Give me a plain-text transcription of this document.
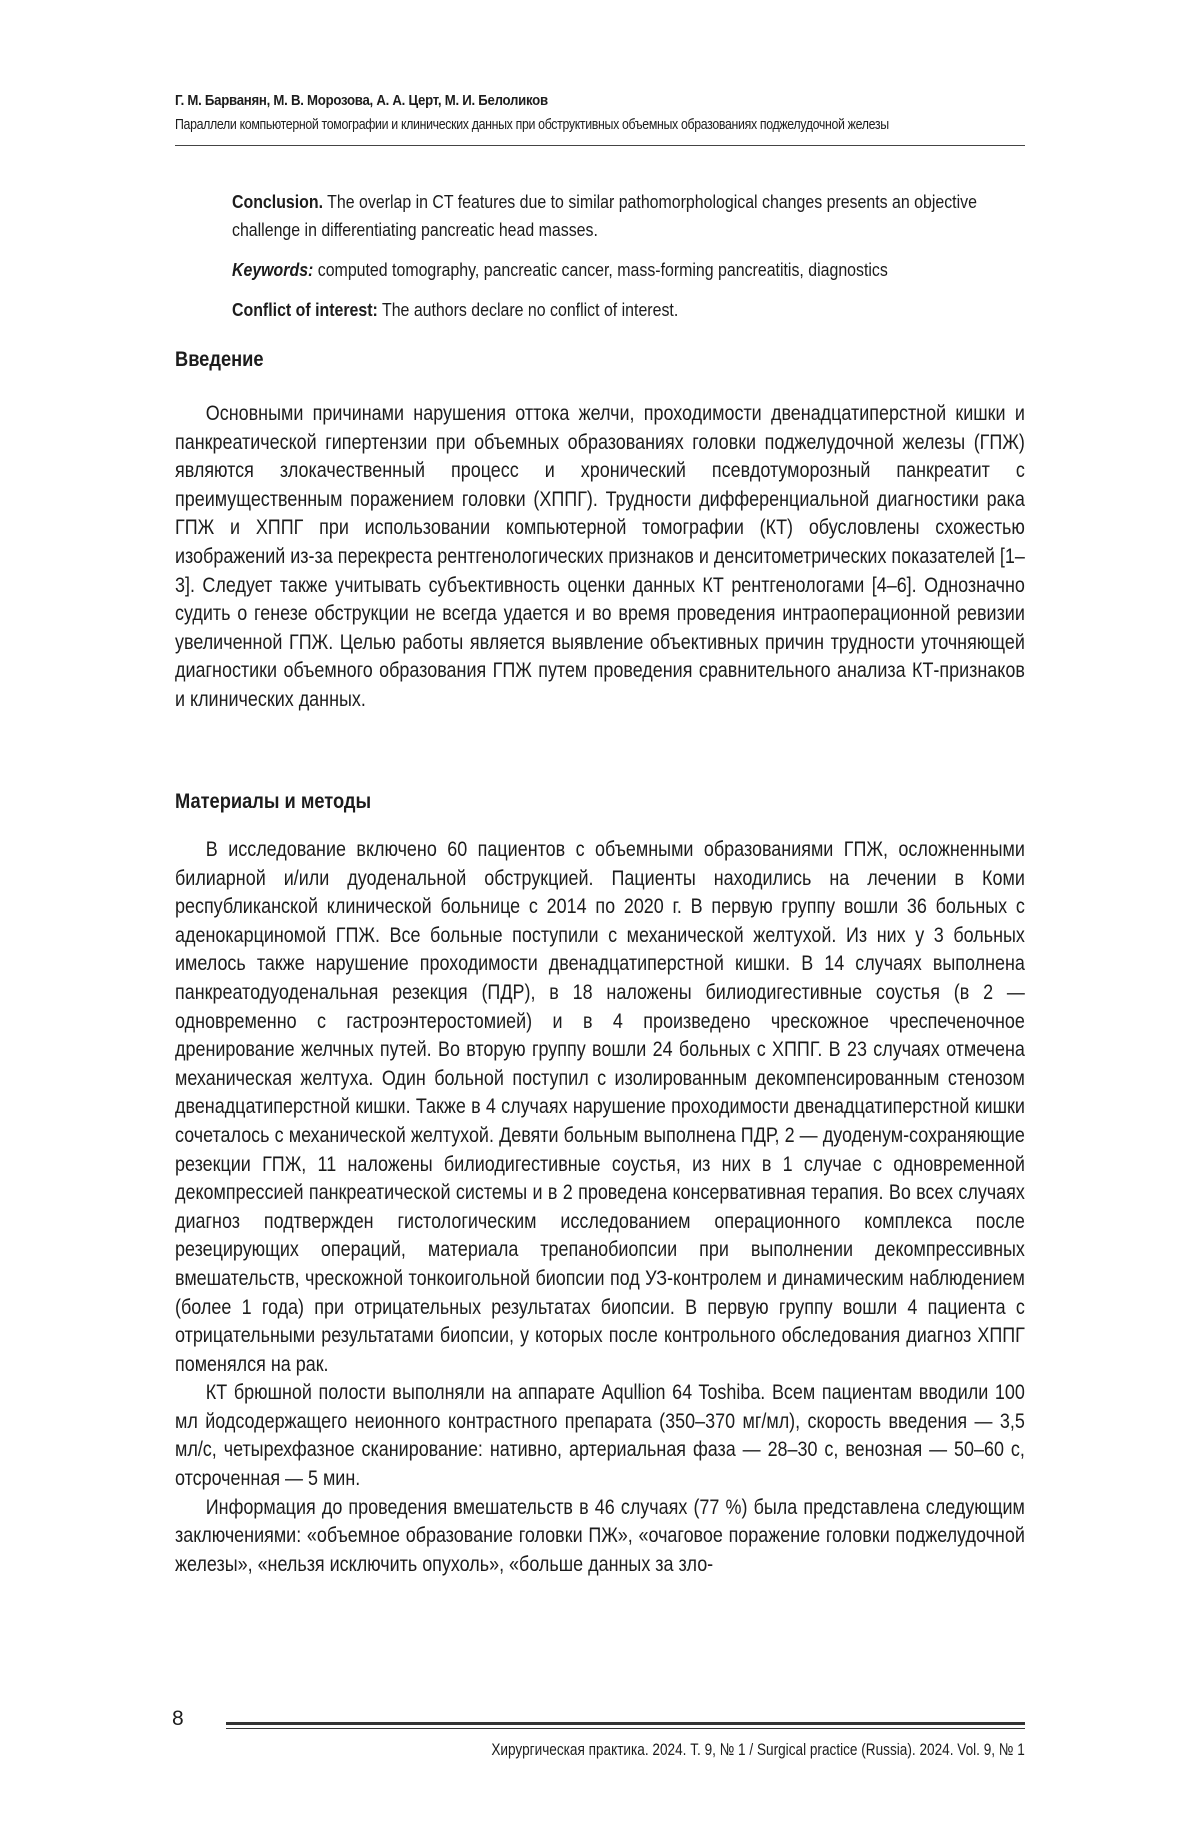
Г. М. Барванян, М. В. Морозова, А. А. Церт, М. И. Белоликов
Параллели компьютерной томографии и клинических данных при обструктивных объемных образованиях поджелудочной железы

Conclusion. The overlap in CT features due to similar pathomorphological changes presents an objective challenge in differentiating pancreatic head masses.

Keywords: computed tomography, pancreatic cancer, mass-forming pancreatitis, diagnostics

Conflict of interest: The authors declare no conflict of interest.

Введение

Основными причинами нарушения оттока желчи, проходимости двенадцатиперстной кишки и панкреатической гипертензии при объемных образованиях головки поджелудочной железы (ГПЖ) являются злокачественный процесс и хронический псевдотуморозный панкреатит с преимущественным поражением головки (ХППГ). Трудности дифференциальной диагностики рака ГПЖ и ХППГ при использовании компьютерной томографии (КТ) обусловлены схожестью изображений из-за перекреста рентгенологических признаков и денситометрических показателей [1–3]. Следует также учитывать субъективность оценки данных КТ рентгенологами [4–6]. Однозначно судить о генезе обструкции не всегда удается и во время проведения интраоперационной ревизии увеличенной ГПЖ. Целью работы является выявление объективных причин трудности уточняющей диагностики объемного образования ГПЖ путем проведения сравнительного анализа КТ-признаков и клинических данных.

Материалы и методы

В исследование включено 60 пациентов с объемными образованиями ГПЖ, осложненными билиарной и/или дуоденальной обструкцией. Пациенты находились на лечении в Коми республиканской клинической больнице с 2014 по 2020 г. В первую группу вошли 36 больных с аденокарциномой ГПЖ. Все больные поступили с механической желтухой. Из них у 3 больных имелось также нарушение проходимости двенадцатиперстной кишки. В 14 случаях выполнена панкреатодуоденальная резекция (ПДР), в 18 наложены билиодигестивные соустья (в 2 — одновременно с гастроэнтеростомией) и в 4 произведено чрескожное чреспеченочное дренирование желчных путей. Во вторую группу вошли 24 больных с ХППГ. В 23 случаях отмечена механическая желтуха. Один больной поступил с изолированным декомпенсированным стенозом двенадцатиперстной кишки. Также в 4 случаях нарушение проходимости двенадцатиперстной кишки сочеталось с механической желтухой. Девяти больным выполнена ПДР, 2 — дуоденум-сохраняющие резекции ГПЖ, 11 наложены билиодигестивные соустья, из них в 1 случае с одновременной декомпрессией панкреатической системы и в 2 проведена консервативная терапия. Во всех случаях диагноз подтвержден гистологическим исследованием операционного комплекса после резецирующих операций, материала трепанобиопсии при выполнении декомпрессивных вмешательств, чрескожной тонкоигольной биопсии под УЗ-контролем и динамическим наблюдением (более 1 года) при отрицательных результатах биопсии. В первую группу вошли 4 пациента с отрицательными результатами биопсии, у которых после контрольного обследования диагноз ХППГ поменялся на рак.

КТ брюшной полости выполняли на аппарате Aqullion 64 Toshiba. Всем пациентам вводили 100 мл йодсодержащего неионного контрастного препарата (350–370 мг/мл), скорость введения — 3,5 мл/с, четырехфазное сканирование: нативно, артериальная фаза — 28–30 с, венозная — 50–60 с, отсроченная — 5 мин.

Информация до проведения вмешательств в 46 случаях (77 %) была представлена следующим заключениями: «объемное образование головки ПЖ», «очаговое поражение головки поджелудочной железы», «нельзя исключить опухоль», «больше данных за зло-

8
Хирургическая практика. 2024. Т. 9, № 1 / Surgical practice (Russia). 2024. Vol. 9, № 1
